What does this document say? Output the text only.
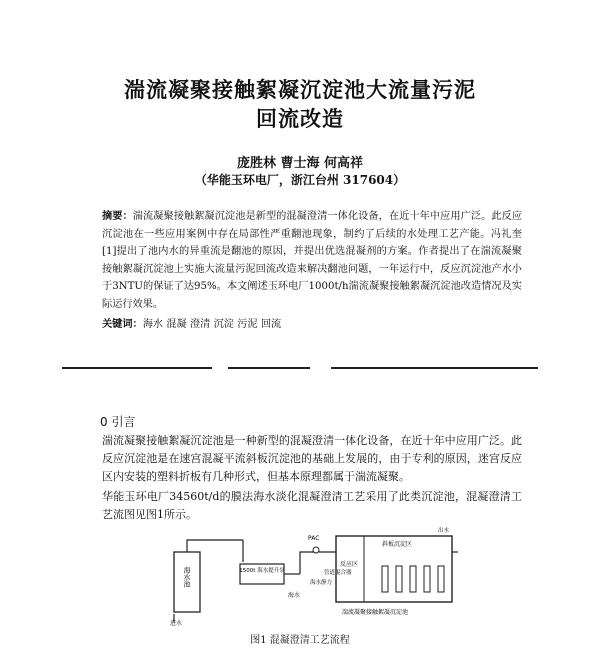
湍流凝聚接触絮凝沉淀池大流量污泥
回流改造
庞胜林 曹士海 何高祥
（华能玉环电厂，浙江台州 317604）
摘要：湍流凝聚接触絮凝沉淀池是新型的混凝澄清一体化设备，在近十年中应用广泛。此反应沉淀池在一些应用案例中存在局部性严重翻池现象，制约了后续的水处理工艺产能。冯礼奎[1]提出了池内水的异重流是翻池的原因，并提出优选混凝剂的方案。作者提出了在湍流凝聚接触絮凝沉淀池上实施大流量污泥回流改造来解决翻池问题，一年运行中，反应沉淀池产水小于3NTU的保证了达95%。本文阐述玉环电厂1000t/h湍流凝聚接触絮凝沉淀池改造情况及实际运行效果。
关键词：海水 混凝 澄清 沉淀 污泥 回流
0 引言

湍流凝聚接触絮凝沉淀池是一种新型的混凝澄清一体化设备，在近十年中应用广泛。此反应沉淀池是在速宫混凝平流斜板沉淀池的基础上发展的，由于专利的原因，迷宫反应区内安装的塑料折板有几种形式，但基本原理都属于湍流凝聚。

华能玉环电厂34560t/d的膜法海水淡化混凝澄清工艺采用了此类沉淀池，混凝澄清工艺流图见图1所示。

海水池
进水
1500t 海水提升泵
海水
PAC
管道混合器
海水静力
反应区
斜板沉淀区
出水
湍流凝聚接触絮凝沉淀池
图1 混凝澄清工艺流程
